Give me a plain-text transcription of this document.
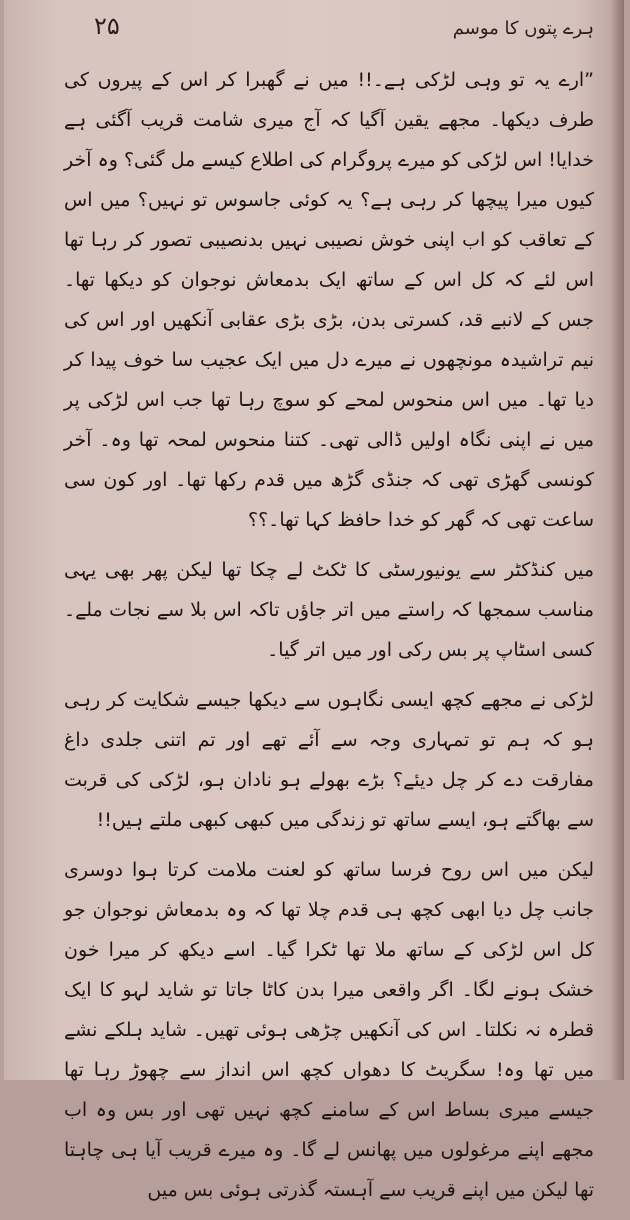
۲۵	ہرے پتوں کا موسم

”ارے یہ تو وہی لڑکی ہے۔!! میں نے گھبرا کر اس کے پیروں کی طرف دیکھا۔ مجھے یقین آگیا کہ آج میری شامت قریب آگئی ہے خدایا! اس لڑکی کو میرے پروگرام کی اطلاع کیسے مل گئی؟ وہ آخر کیوں میرا پیچھا کر رہی ہے؟ یہ کوئی جاسوس تو نہیں؟ میں اس کے تعاقب کو اب اپنی خوش نصیبی نہیں بدنصیبی تصور کر رہا تھا اس لئے کہ کل اس کے ساتھ ایک بدمعاش نوجوان کو دیکھا تھا۔ جس کے لانبے قد، کسرتی بدن، بڑی بڑی عقابی آنکھیں اور اس کی نیم تراشیدہ مونچھوں نے میرے دل میں ایک عجیب سا خوف پیدا کر دیا تھا۔ میں اس منحوس لمحے کو سوچ رہا تھا جب اس لڑکی پر میں نے اپنی نگاہ اولیں ڈالی تھی۔ کتنا منحوس لمحہ تھا وہ۔ آخر کونسی گھڑی تھی کہ جنڈی گڑھ میں قدم رکھا تھا۔ اور کون سی ساعت تھی کہ گھر کو خدا حافظ کہا تھا۔؟؟

میں کنڈکٹر سے یونیورسٹی کا ٹکٹ لے چکا تھا لیکن پھر بھی یہی مناسب سمجھا کہ راستے میں اتر جاؤں تاکہ اس بلا سے نجات ملے۔ کسی اسٹاپ پر بس رکی اور میں اتر گیا۔

لڑکی نے مجھے کچھ ایسی نگاہوں سے دیکھا جیسے شکایت کر رہی ہو کہ ہم تو تمہاری وجہ سے آئے تھے اور تم اتنی جلدی داغ مفارقت دے کر چل دیئے؟ بڑے بھولے ہو نادان ہو، لڑکی کی قربت سے بھاگتے ہو، ایسے ساتھ تو زندگی میں کبھی کبھی ملتے ہیں!!

لیکن میں اس روح فرسا ساتھ کو لعنت ملامت کرتا ہوا دوسری جانب چل دیا ابھی کچھ ہی قدم چلا تھا کہ وہ بدمعاش نوجوان جو کل اس لڑکی کے ساتھ ملا تھا ٹکرا گیا۔ اسے دیکھ کر میرا خون خشک ہونے لگا۔ اگر واقعی میرا بدن کاٹا جاتا تو شاید لہو کا ایک قطرہ نہ نکلتا۔ اس کی آنکھیں چڑھی ہوئی تھیں۔ شاید ہلکے نشے میں تھا وہ! سگریٹ کا دھواں کچھ اس انداز سے چھوڑ رہا تھا جیسے میری بساط اس کے سامنے کچھ نہیں تھی اور بس وہ اب مجھے اپنے مرغولوں میں پھانس لے گا۔ وہ میرے قریب آیا ہی چاہتا تھا لیکن میں اپنے قریب سے آہستہ گذرتی ہوئی بس میں
